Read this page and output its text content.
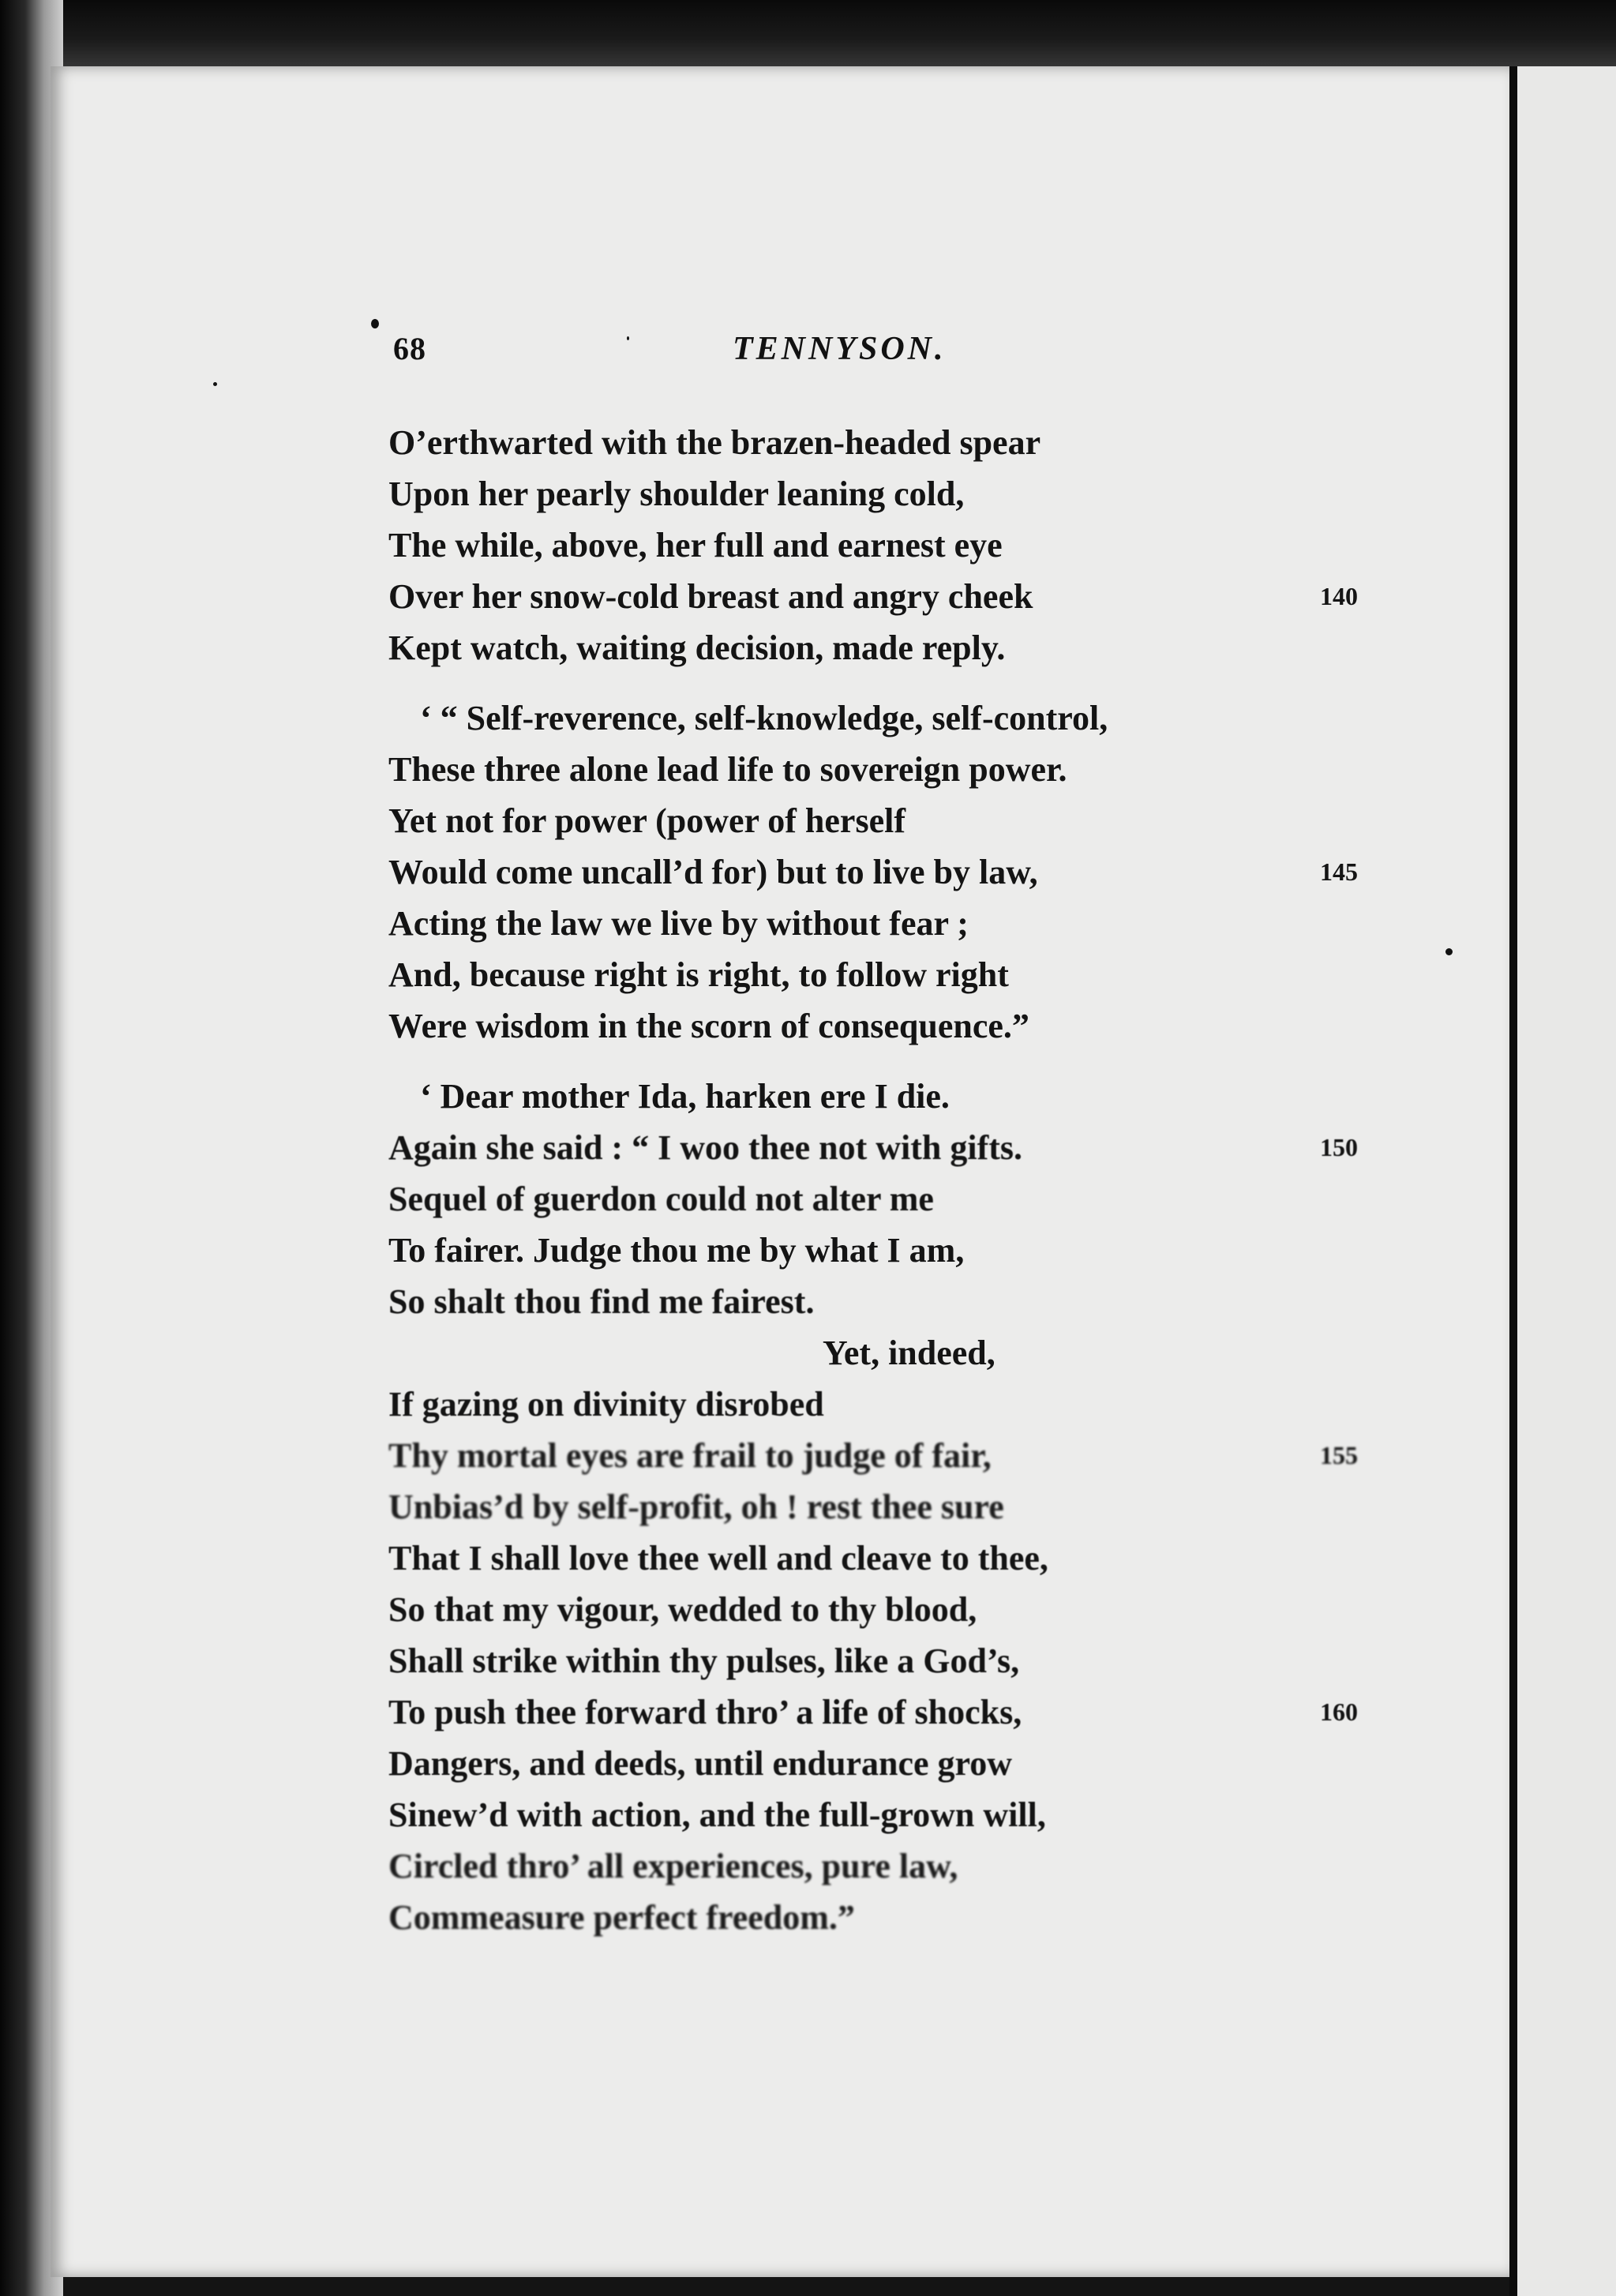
68	TENNYSON.
O’erthwarted with the brazen-headed spear
Upon her pearly shoulder leaning cold,
The while, above, her full and earnest eye
Over her snow-cold breast and angry cheek	140
Kept watch, waiting decision, made reply.
‘ “ Self-reverence, self-knowledge, self-control,
These three alone lead life to sovereign power.
Yet not for power (power of herself
Would come uncall’d for) but to live by law,	145
Acting the law we live by without fear ;
And, because right is right, to follow right
Were wisdom in the scorn of consequence.”
‘ Dear mother Ida, harken ere I die.
Again she said : “ I woo thee not with gifts.	150
Sequel of guerdon could not alter me
To fairer. Judge thou me by what I am,
So shalt thou find me fairest.
Yet, indeed,
If gazing on divinity disrobed
Thy mortal eyes are frail to judge of fair,	155
Unbias’d by self-profit, oh ! rest thee sure
That I shall love thee well and cleave to thee,
So that my vigour, wedded to thy blood,
Shall strike within thy pulses, like a God’s,
To push thee forward thro’ a life of shocks,	160
Dangers, and deeds, until endurance grow
Sinew’d with action, and the full-grown will,
Circled thro’ all experiences, pure law,
Commeasure perfect freedom.”
